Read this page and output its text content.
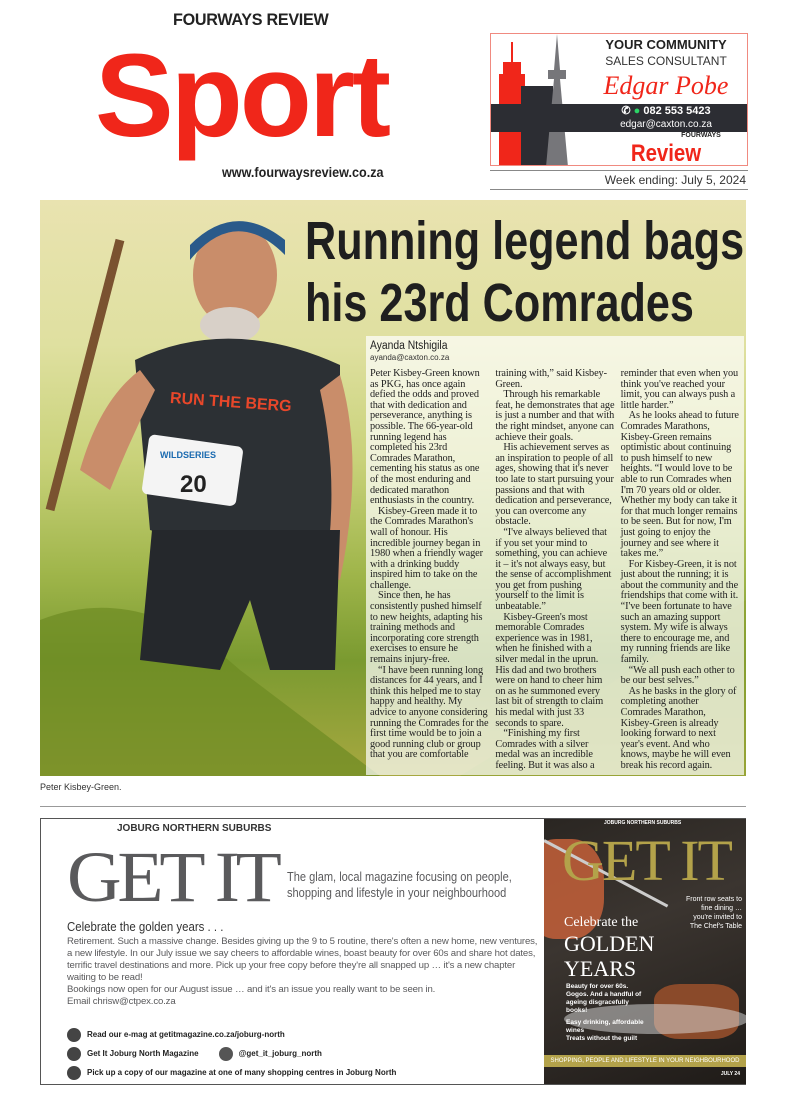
FOURWAYS REVIEW
Sport
www.fourwaysreview.co.za
YOUR COMMUNITY
SALES CONSULTANT
Edgar Pobe
✆ ● 082 553 5423
edgar@caxton.co.za
FOURWAYS
Review
Week ending: July 5, 2024
20
WILDSERIES
RUN THE BERG
Running legend bags
his 23rd Comrades
Ayanda Ntshigila
ayanda@caxton.co.za

Peter Kisbey-Green known as PKG, has once again defied the odds and proved that with dedication and perseverance, anything is possible. The 66-year-old running legend has completed his 23rd Comrades Marathon, cementing his status as one of the most enduring and dedicated marathon enthusiasts in the country.

Kisbey-Green made it to the Comrades Marathon's wall of honour. His incredible journey began in 1980 when a friendly wager with a drinking buddy inspired him to take on the challenge.

Since then, he has consistently pushed himself to new heights, adapting his training methods and incorporating core strength exercises to ensure he remains injury-free.

“I have been running long distances for 44 years, and I think this helped me to stay happy and healthy. My advice to anyone considering running the Comrades for the first time would be to join a good running club or group that you are comfortable training with,” said Kisbey-Green.

Through his remarkable feat, he demonstrates that age is just a number and that with the right mindset, anyone can achieve their goals.

His achievement serves as an inspiration to people of all ages, showing that it's never too late to start pursuing your passions and that with dedication and perseverance, you can overcome any obstacle.

“I've always believed that if you set your mind to something, you can achieve it – it's not always easy, but the sense of accomplishment you get from pushing yourself to the limit is unbeatable.”

Kisbey-Green's most memorable Comrades experience was in 1981, when he finished with a silver medal in the uprun. His dad and two brothers were on hand to cheer him on as he summoned every last bit of strength to claim his medal with just 33 seconds to spare.

“Finishing my first Comrades with a silver medal was an incredible feeling. But it was also a reminder that even when you think you've reached your limit, you can always push a little harder.”

As he looks ahead to future Comrades Marathons, Kisbey-Green remains optimistic about continuing to push himself to new heights. “I would love to be able to run Comrades when I'm 70 years old or older. Whether my body can take it for that much longer remains to be seen. But for now, I'm just going to enjoy the journey and see where it takes me.”

For Kisbey-Green, it is not just about the running; it is about the community and the friendships that come with it. “I've been fortunate to have such an amazing support system. My wife is always there to encourage me, and my running friends are like family.

“We all push each other to be our best selves.”

As he basks in the glory of completing another Comrades Marathon, Kisbey-Green is already looking forward to next year's event. And who knows, maybe he will even break his record again.

Peter Kisbey-Green.
JOBURG NORTHERN SUBURBS
GET IT The glam, local magazine focusing on people,
shopping and lifestyle in your neighbourhood
Celebrate the golden years . . .
Retirement. Such a massive change. Besides giving up the 9 to 5 routine, there's often a new home, new ventures, a new lifestyle. In our July issue we say cheers to affordable wines, boast beauty for over 60s and share hot dates, terrific travel destinations and more. Pick up your free copy before they're all snapped up … it's a new chapter waiting to be read!
Bookings now open for our August issue … and it's an issue you really want to be seen in.
Email chrisw@ctpex.co.za
Read our e-mag at getitmagazine.co.za/joburg-north
Get It Joburg North Magazine	@get_it_joburg_north
Pick up a copy of our magazine at one of many shopping centres in Joburg North
JOBURG NORTHERN SUBURBS
GET IT
Front row seats to fine dining … you're invited to The Chef's Table
Celebrate the
GOLDEN
YEARS
Beauty for over 60s. Gogos. And a handful of ageing disgracefully books!
Easy drinking, affordable wines
Treats without the guilt
SHOPPING, PEOPLE AND LIFESTYLE IN YOUR NEIGHBOURHOOD
JULY 24
